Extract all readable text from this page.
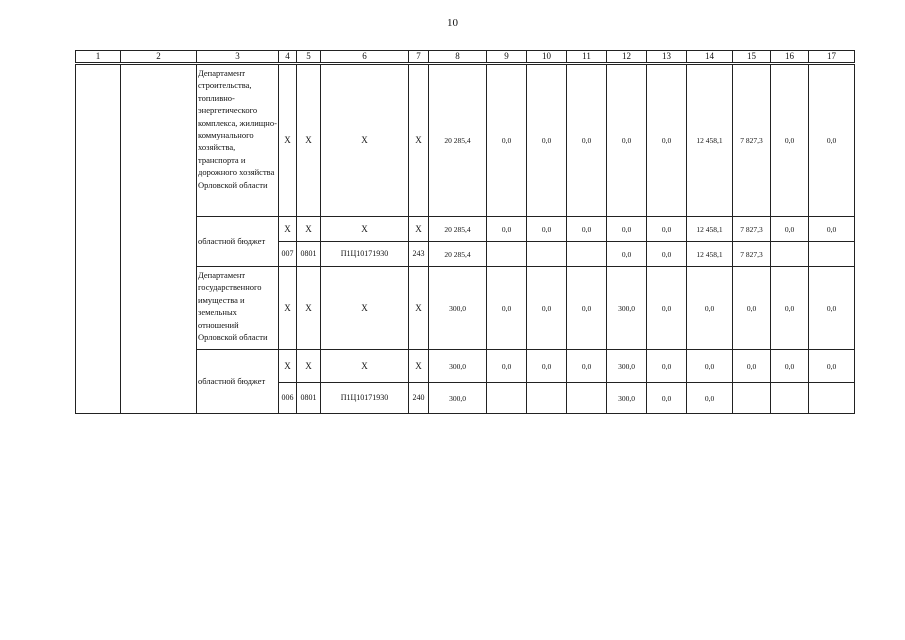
10
1	2	3	4	5	6	7	8	9	10	11	12	13	14	15	16	17
		Департамент строительства, топливно-энергетического комплекса, жилищно-коммунального хозяйства, транспорта и дорожного хозяйства Орловской области	Х	Х	Х	Х	20 285,4	0,0	0,0	0,0	0,0	0,0	12 458,1	7 827,3	0,0	0,0
		областной бюджет	Х	Х	Х	Х	20 285,4	0,0	0,0	0,0	0,0	0,0	12 458,1	7 827,3	0,0	0,0
			007	0801	П1Ц10171930	243	20 285,4				0,0	0,0	12 458,1	7 827,3		
		Департамент государственного имущества и земельных отношений Орловской области	Х	Х	Х	Х	300,0	0,0	0,0	0,0	300,0	0,0	0,0	0,0	0,0	0,0
		областной бюджет	Х	Х	Х	Х	300,0	0,0	0,0	0,0	300,0	0,0	0,0	0,0	0,0	0,0
			006	0801	П1Ц10171930	240	300,0				300,0	0,0	0,0			
